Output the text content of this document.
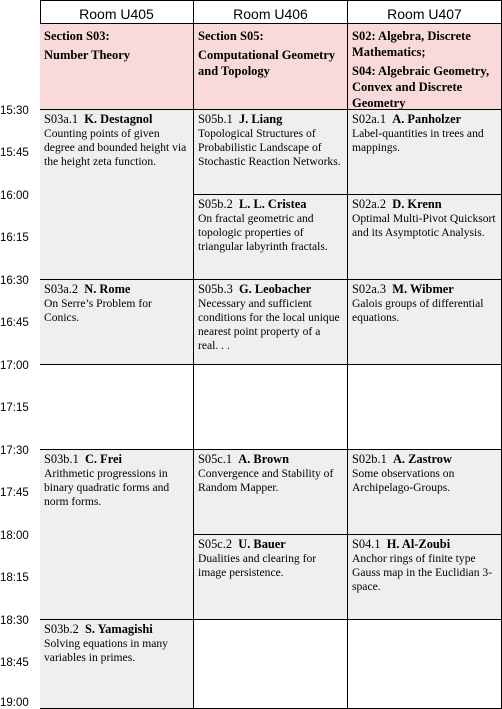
15:30
15:45
16:00
16:15
16:30
16:45
17:00
17:15
17:30
17:45
18:00
18:15
18:30
18:45
19:00
Room U405	Room U406	Room U407
Section S03:
Number Theory
Section S05:
Computational Geometry and Topology
S02: Algebra, Discrete Mathematics;
S04: Algebraic Geometry, Convex and Discrete Geometry
S03a.1 K. Destagnol
Counting points of given degree and bounded height via the height zeta function.
S03a.2 N. Rome
On Serre’s Problem for Conics.
S03b.1 C. Frei
Arithmetic progressions in binary quadratic forms and norm forms.
S03b.2 S. Yamagishi
Solving equations in many variables in primes.
S05b.1 J. Liang
Topological Structures of Probabilistic Landscape of Stochastic Reaction Networks.
S05b.2 L. L. Cristea
On fractal geometric and topologic properties of triangular labyrinth fractals.
S05b.3 G. Leobacher
Necessary and sufficient conditions for the local unique nearest point property of a real. . .
S05c.1 A. Brown
Convergence and Stability of Random Mapper.
S05c.2 U. Bauer
Dualities and clearing for image persistence.
S02a.1 A. Panholzer
Label-quantities in trees and mappings.
S02a.2 D. Krenn
Optimal Multi-Pivot Quicksort and its Asymptotic Analysis.
S02a.3 M. Wibmer
Galois groups of differential equations.
S02b.1 A. Zastrow
Some observations on Archipelago-Groups.
S04.1 H. Al-Zoubi
Anchor rings of finite type Gauss map in the Euclidian 3-space.
